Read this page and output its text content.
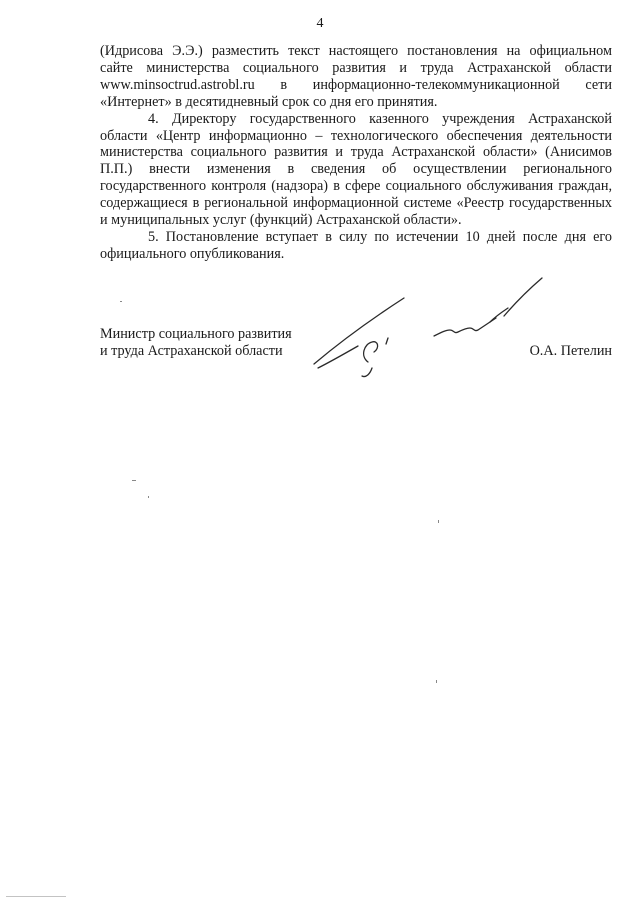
4

(Идрисова Э.Э.) разместить текст настоящего постановления на официальном
сайте министерства социального развития и труда Астраханской области
www.minsoctrud.astrobl.ru в информационно-телекоммуникационной сети
«Интернет» в десятидневный срок со дня его принятия.

4. Директору государственного казенного учреждения Астраханской области «Центр информационно – технологического обеспечения деятельности министерства социального развития и труда Астраханской области» (Анисимов П.П.) внести изменения в сведения об осуществлении регионального государственного контроля (надзора) в сфере социального обслуживания граждан, содержащиеся в региональной информационной системе «Реестр государственных и муниципальных услуг (функций) Астраханской области».

5. Постановление вступает в силу по истечении 10 дней после дня его официального опубликования.

Министр социального развития
и труда Астраханской области	О.А. Петелин
